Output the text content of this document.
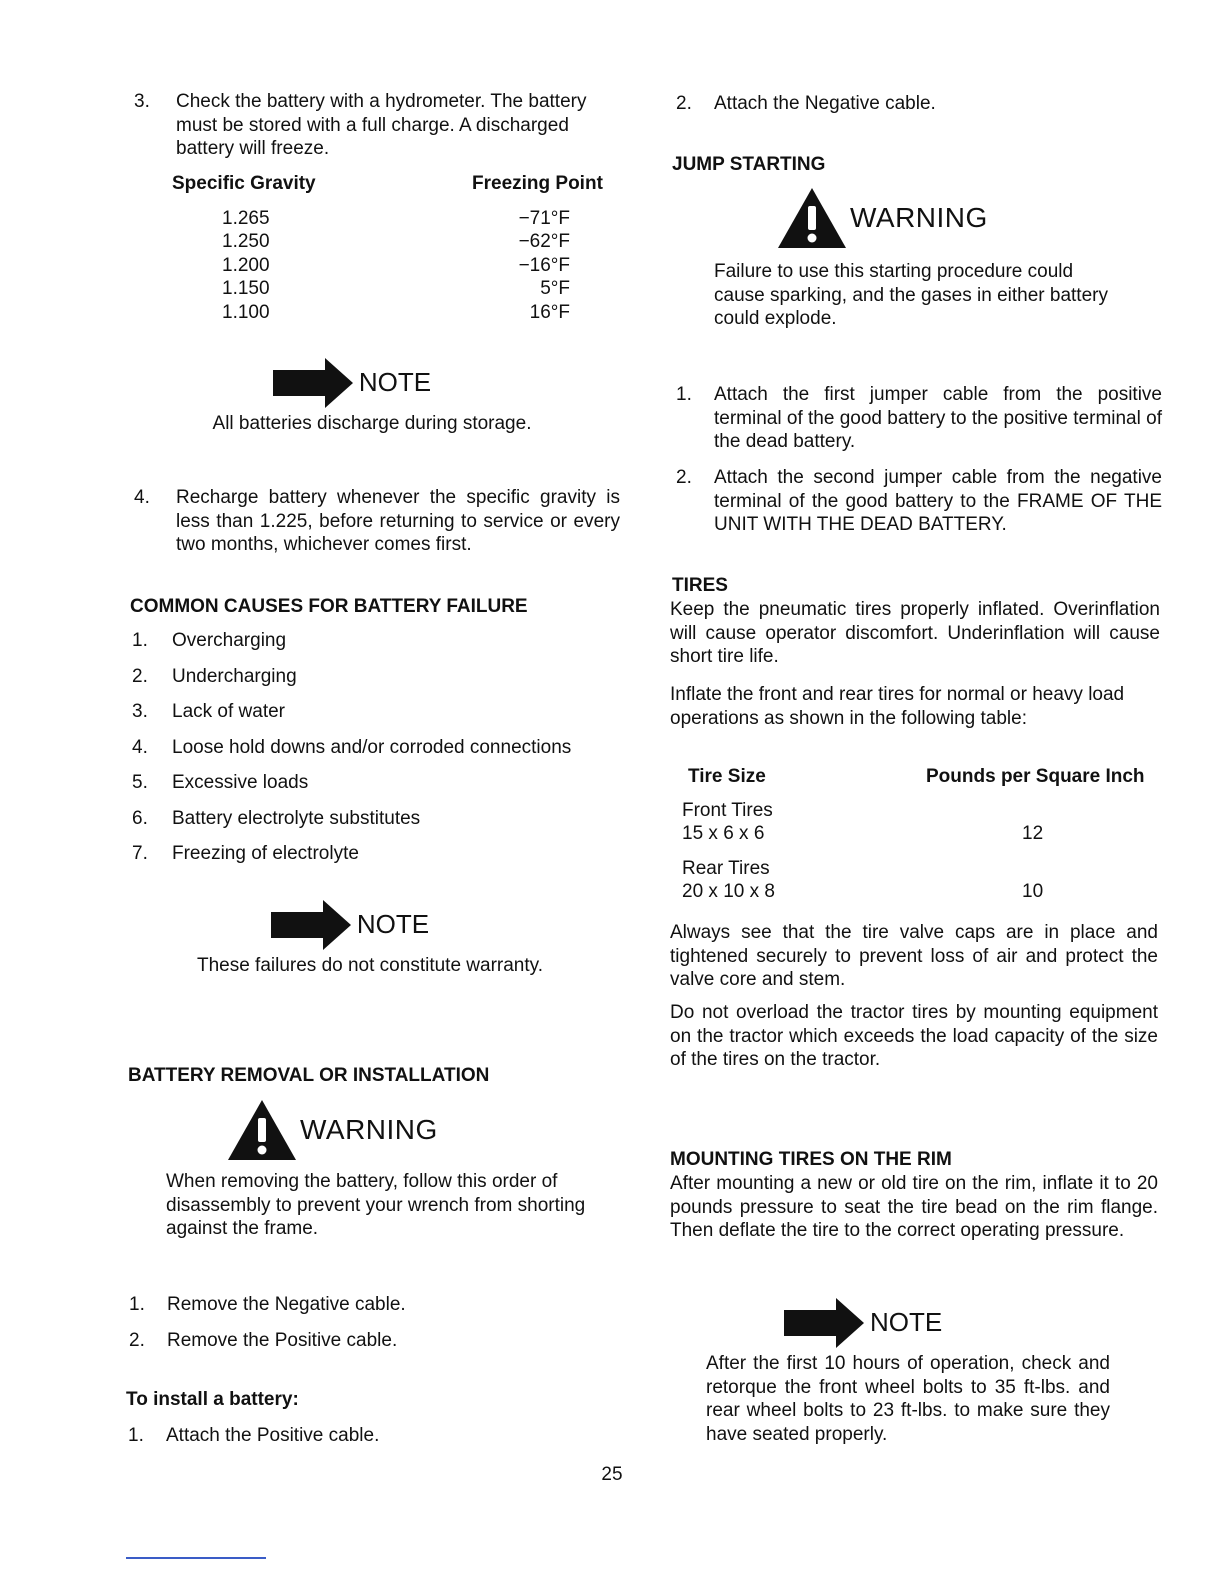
3.	Check the battery with a hydrometer. The battery must be stored with a full charge. A discharged battery will freeze.
Specific Gravity	Freezing Point
1.265	−71°F
1.250	−62°F
1.200	−16°F
1.150	5°F
1.100	16°F
NOTE
All batteries discharge during storage.
4.	Recharge battery whenever the specific gravity is less than 1.225, before returning to service or every two months, whichever comes first.
COMMON CAUSES FOR BATTERY FAILURE
1.	Overcharging
2.	Undercharging
3.	Lack of water
4.	Loose hold downs and/or corroded connections
5.	Excessive loads
6.	Battery electrolyte substitutes
7.	Freezing of electrolyte
NOTE
These failures do not constitute warranty.
BATTERY REMOVAL OR INSTALLATION
WARNING
When removing the battery, follow this order of disassembly to prevent your wrench from shorting against the frame.
1.	Remove the Negative cable.
2.	Remove the Positive cable.
To install a battery:
1.	Attach the Positive cable.
2.	Attach the Negative cable.
JUMP STARTING
WARNING
Failure to use this starting procedure could cause sparking, and the gases in either battery could explode.
1.	Attach the first jumper cable from the positive terminal of the good battery to the positive terminal of the dead battery.
2.	Attach the second jumper cable from the negative terminal of the good battery to the FRAME OF THE UNIT WITH THE DEAD BATTERY.
TIRES
Keep the pneumatic tires properly inflated. Overinflation will cause operator discomfort. Underinflation will cause short tire life.
Inflate the front and rear tires for normal or heavy load operations as shown in the following table:
Tire Size	Pounds per Square Inch
Front Tires
15 x 6 x 6	12
Rear Tires
20 x 10 x 8	10
Always see that the tire valve caps are in place and tightened securely to prevent loss of air and protect the valve core and stem.
Do not overload the tractor tires by mounting equipment on the tractor which exceeds the load capacity of the size of the tires on the tractor.
MOUNTING TIRES ON THE RIM
After mounting a new or old tire on the rim, inflate it to 20 pounds pressure to seat the tire bead on the rim flange. Then deflate the tire to the correct operating pressure.
NOTE
After the first 10 hours of operation, check and retorque the front wheel bolts to 35 ft-lbs. and rear wheel bolts to 23 ft-lbs. to make sure they have seated properly.
25
